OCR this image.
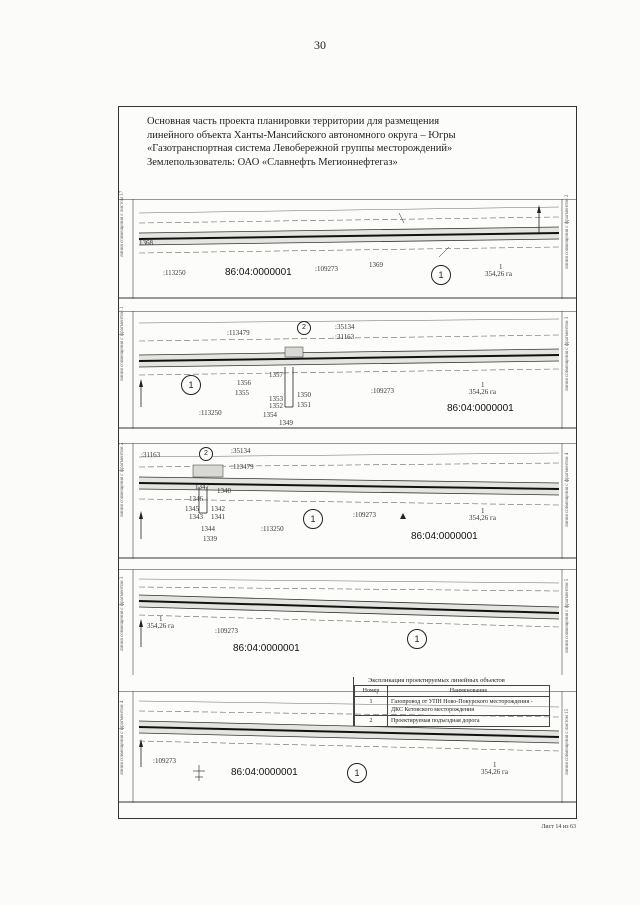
30
Основная часть проекта планировки территории для размещения
линейного объекта Ханты-Мансийского автономного округа – Югры
«Газотранспортная система Левобережной группы месторождений»
Землепользователь: ОАО «Славнефть Мегионнефтегаз»
линия совмещения с листом 17	линия совмещения с фрагментом 2
1368
1369
:113250	:109273
86:04:0000001	1
1
354,26 га
линия совмещения с фрагментом 1	линия совмещения с фрагментом 3
:113479
2	:35134
:31163
1357
1356
1355
1353
1352 1351
1350
1354
1349
1
:113250
:109273
1
354,26 га
86:04:0000001
линия совмещения с фрагментом 2	линия совмещения с фрагментом 4
:31163	2	:35134
:113479
1347
1346
1345
1343
1342
1341
1340
1344
1339
:113250
1	:109273	1
354,26 га
86:04:0000001
линия совмещения с фрагментом 3	линия совмещения с фрагментом 5
1
354,26 га
:109273
86:04:0000001
1
Экспликация проектируемых линейных объектов
Номер	Наименование
1	Газопровод от УПН Ново-Покурского месторождения - ДКС Кетовского месторождения
2	Проектируемая подъездная дорога
линия совмещения с фрагментом 4	линия совмещения с листом 15
:109273
86:04:0000001	1
1
354,26 га
Лист 14 из 63
